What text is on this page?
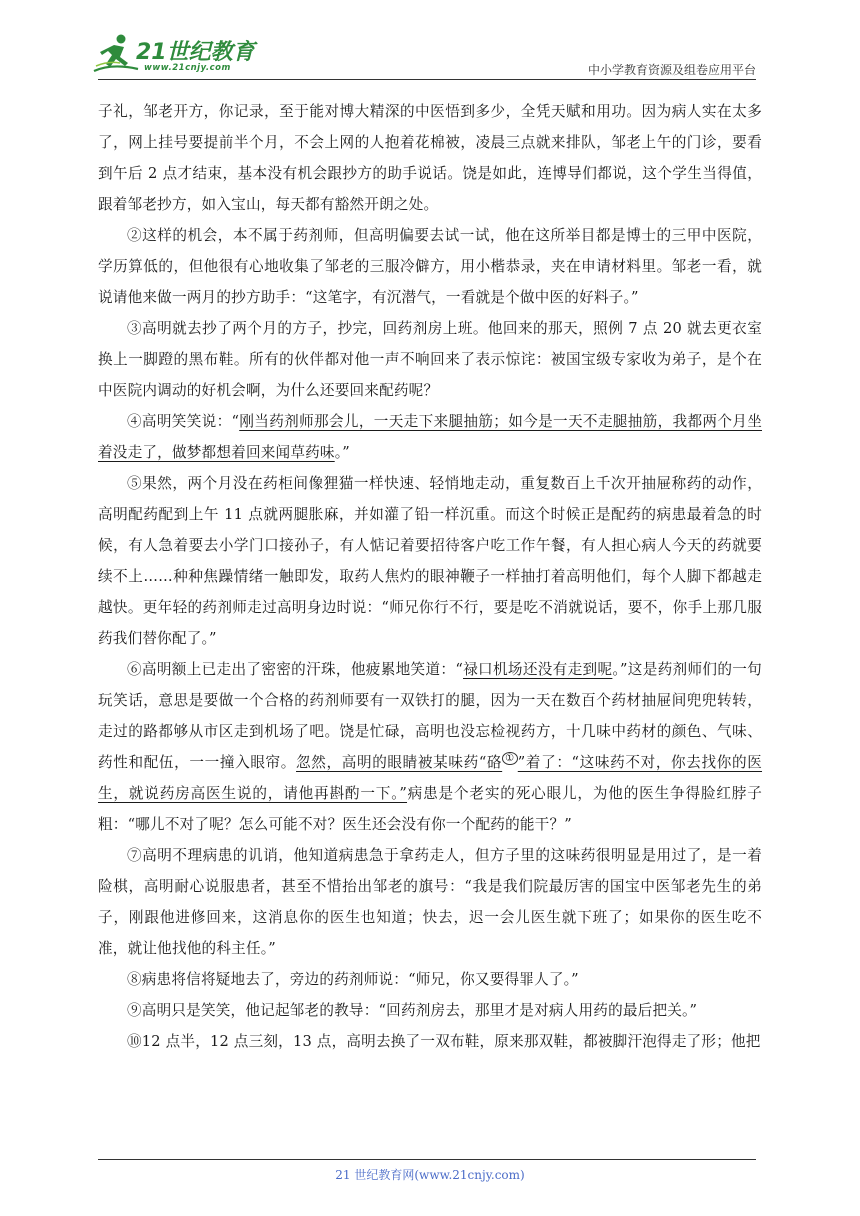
21世纪教育
www.21cnjy.com	中小学教育资源及组卷应用平台

子礼，邹老开方，你记录，至于能对博大精深的中医悟到多少，全凭天赋和用功。因为病人实在太多了，网上挂号要提前半个月，不会上网的人抱着花棉被，凌晨三点就来排队，邹老上午的门诊，要看到午后 2 点才结束，基本没有机会跟抄方的助手说话。饶是如此，连博导们都说，这个学生当得值，跟着邹老抄方，如入宝山，每天都有豁然开朗之处。

②这样的机会，本不属于药剂师，但高明偏要去试一试，他在这所举目都是博士的三甲中医院，学历算低的，但他很有心地收集了邹老的三服冷僻方，用小楷恭录，夹在申请材料里。邹老一看，就说请他来做一两月的抄方助手：“这笔字，有沉潜气，一看就是个做中医的好料子。”

③高明就去抄了两个月的方子，抄完，回药剂房上班。他回来的那天，照例 7 点 20 就去更衣室换上一脚蹬的黑布鞋。所有的伙伴都对他一声不响回来了表示惊诧：被国宝级专家收为弟子，是个在中医院内调动的好机会啊，为什么还要回来配药呢？

④高明笑笑说：“刚当药剂师那会儿，一天走下来腿抽筋；如今是一天不走腿抽筋，我都两个月坐着没走了，做梦都想着回来闻草药味。”

⑤果然，两个月没在药柜间像狸猫一样快速、轻悄地走动，重复数百上千次开抽屉称药的动作，高明配药配到上午 11 点就两腿胀麻，并如灌了铅一样沉重。而这个时候正是配药的病患最着急的时候，有人急着要去小学门口接孙子，有人惦记着要招待客户吃工作午餐，有人担心病人今天的药就要续不上……种种焦躁情绪一触即发，取药人焦灼的眼神鞭子一样抽打着高明他们，每个人脚下都越走越快。更年轻的药剂师走过高明身边时说：“师兄你行不行，要是吃不消就说话，要不，你手上那几服药我们替你配了。”

⑥高明额上已走出了密密的汗珠，他疲累地笑道：“禄口机场还没有走到呢。”这是药剂师们的一句玩笑话，意思是要做一个合格的药剂师要有一双铁打的腿，因为一天在数百个药材抽屉间兜兜转转，走过的路都够从市区走到机场了吧。饶是忙碌，高明也没忘检视药方，十几味中药材的颜色、气味、药性和配伍，一一撞入眼帘。忽然，高明的眼睛被某味药“硌 ① ”着了：“这味药不对，你去找你的医生，就说药房高医生说的，请他再斟酌一下。”病患是个老实的死心眼儿，为他的医生争得脸红脖子粗：“哪儿不对了呢？怎么可能不对？医生还会没有你一个配药的能干？”

⑦高明不理病患的讥诮，他知道病患急于拿药走人，但方子里的这味药很明显是用过了，是一着险棋，高明耐心说服患者，甚至不惜抬出邹老的旗号：“我是我们院最厉害的国宝中医邹老先生的弟子，刚跟他进修回来，这消息你的医生也知道；快去，迟一会儿医生就下班了；如果你的医生吃不准，就让他找他的科主任。”

⑧病患将信将疑地去了，旁边的药剂师说：“师兄，你又要得罪人了。”

⑨高明只是笑笑，他记起邹老的教导：“回药剂房去，那里才是对病人用药的最后把关。”

⑩12 点半，12 点三刻，13 点，高明去换了一双布鞋，原来那双鞋，都被脚汗泡得走了形；他把

21 世纪教育网(www.21cnjy.com)
